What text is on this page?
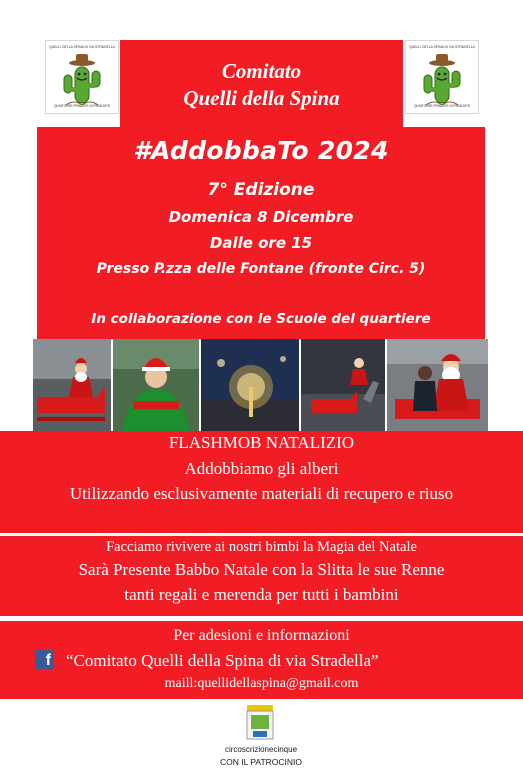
QUELLI DELLA SPINA DI VIA STRADELLA
QUARTIERE PRINCIPE DI PIEMONTE
QUELLI DELLA SPINA DI VIA STRADELLA
QUARTIERE PRINCIPE DI PIEMONTE
Comitato
Quelli della Spina
#AddobbaTo 2024
7° Edizione
Domenica 8 Dicembre
Dalle ore 15
Presso P.zza delle Fontane (fronte Circ. 5)
In collaborazione con le Scuole del quartiere
FLASHMOB NATALIZIO
Addobbiamo gli alberi
Utilizzando esclusivamente materiali di recupero e riuso
Facciamo rivivere ai nostri bimbi la Magia del Natale
Sarà Presente Babbo Natale con la Slitta le sue Renne
tanti regali e merenda per tutti i bambini
Per adesioni e informazioni
f “Comitato Quelli della Spina di via Stradella”
maill:quellidellaspina@gmail.com
circoscrizionecinque
CON IL PATROCINIO
